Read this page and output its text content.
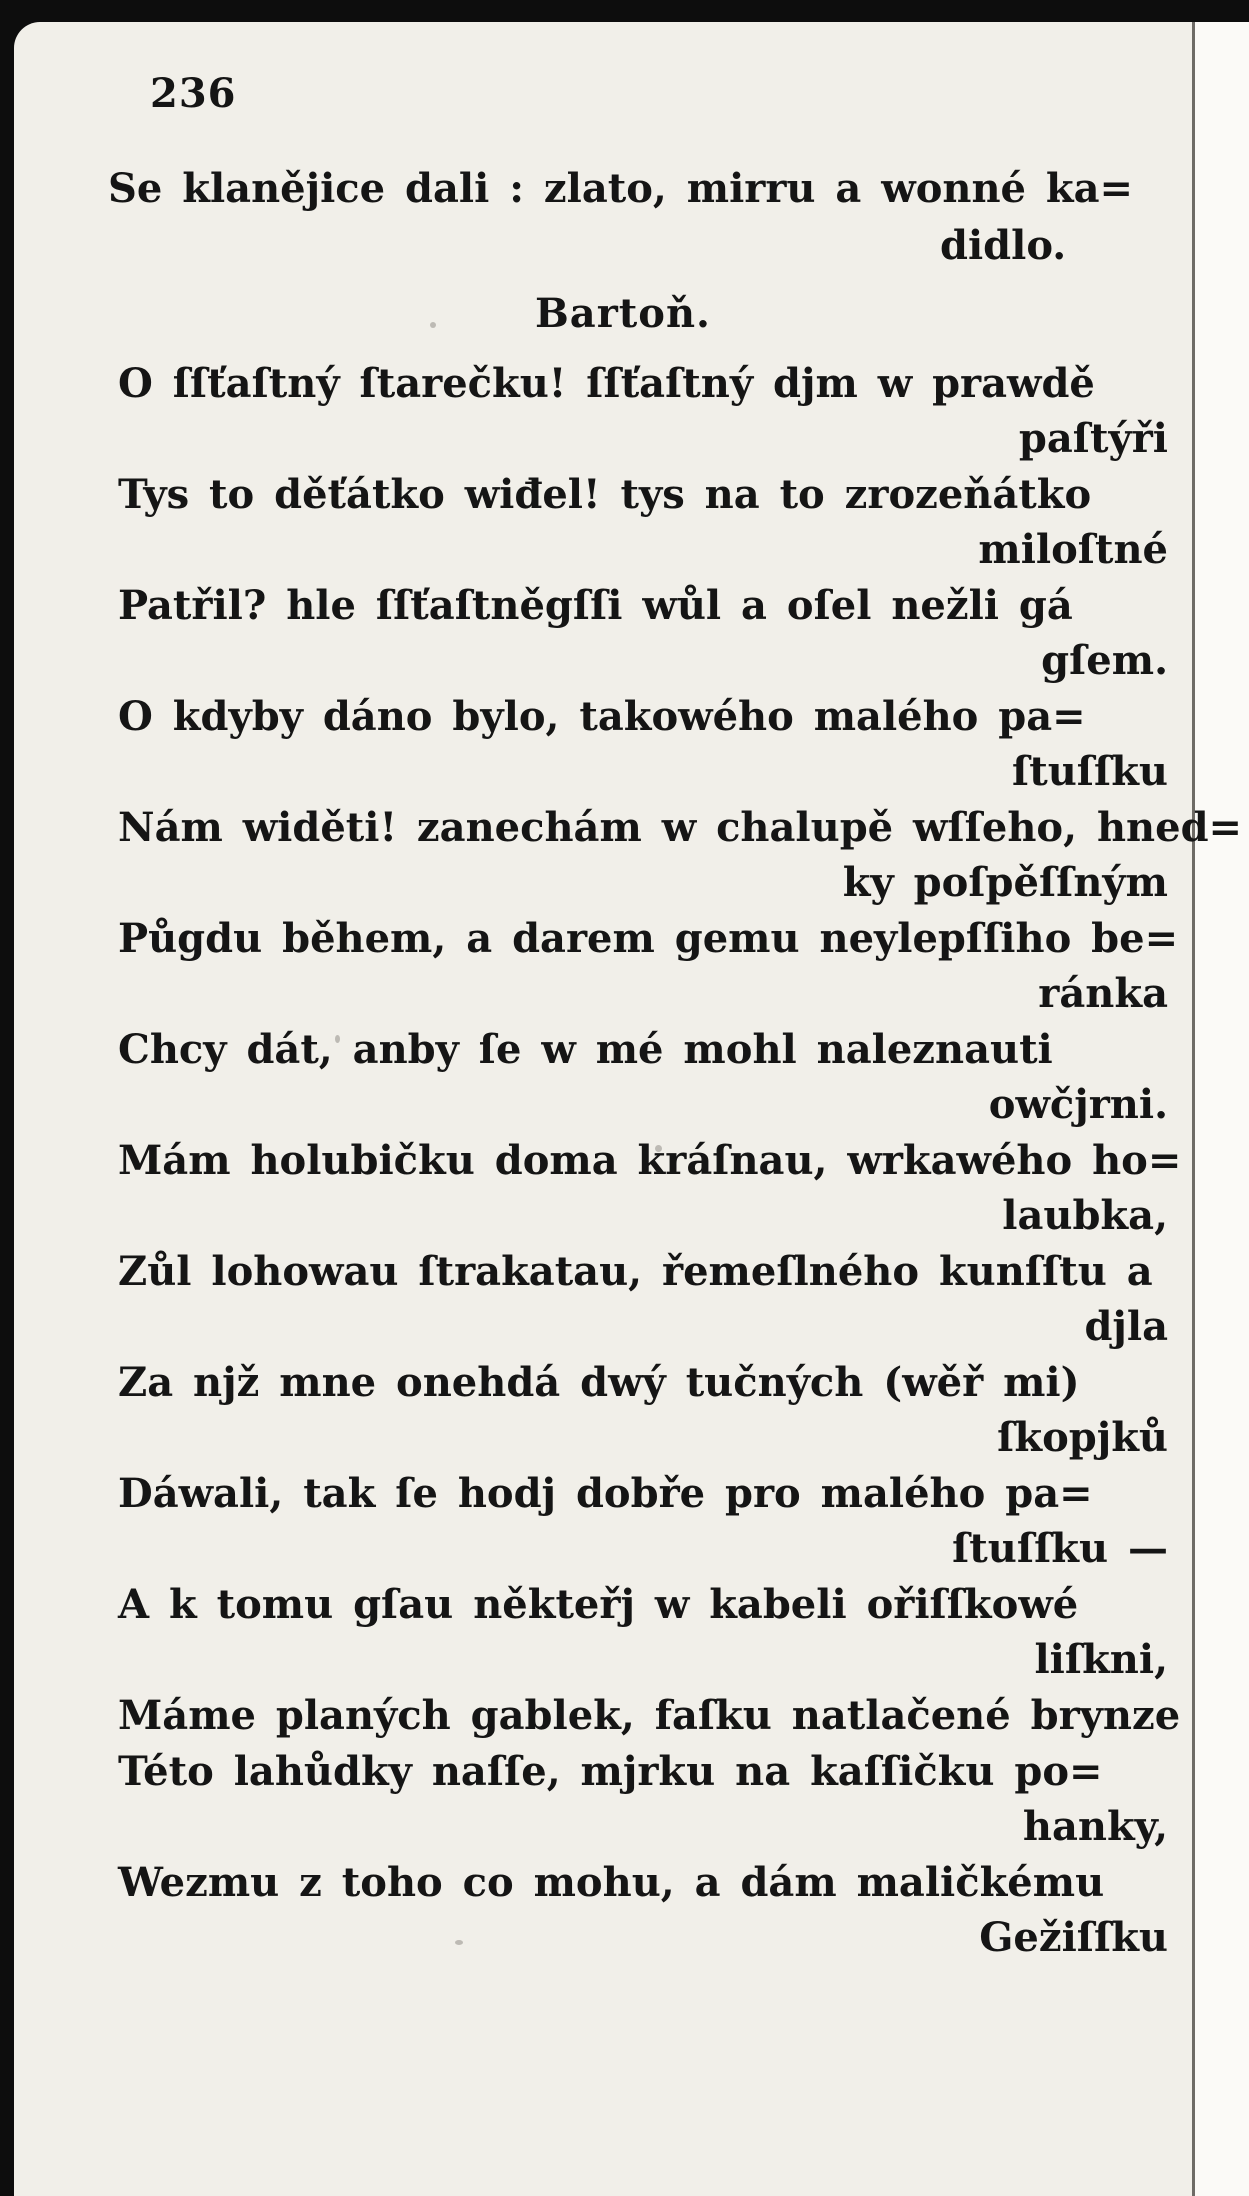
236
Se klanějice dali : zlato, mirru a wonné ka=
didlo.
Bartoň.
O ſſťaſtný ſtarečku! ſſťaſtný djm w prawdě
paſtýři
Tys to děťátko wiđel! tys na to zrozeňátko
miloſtné
Patřil? hle ſſťaſtněgſſi wůl a oſel nežli gá
gſem.
O kdyby dáno bylo, takowého malého pa=
ſtuſſku
Nám widěti! zanechám w chalupě wſſeho, hned=
ky poſpěſſným
Půgdu během, a darem gemu neylepſſiho be=
ránka
Chcy dát, anby ſe w mé mohl naleznauti
owčjrni.
Mám holubičku doma kráſnau, wrkawého ho=
laubka,
Zůl lohowau ſtrakatau, řemeſlného kunſſtu a
djla
Za njž mne onehdá dwý tučných (wěř mi)
ſkopjků
Dáwali, tak ſe hodj dobře pro malého pa=
ſtuſſku —
A k tomu gſau někteřj w kabeli ořiſſkowé
liſkni,
Máme planých gablek, faſku natlačené brynze
Této lahůdky naſſe, mjrku na kaſſičku po=
hanky,
Wezmu z toho co mohu, a dám maličkému
Gežiſſku
